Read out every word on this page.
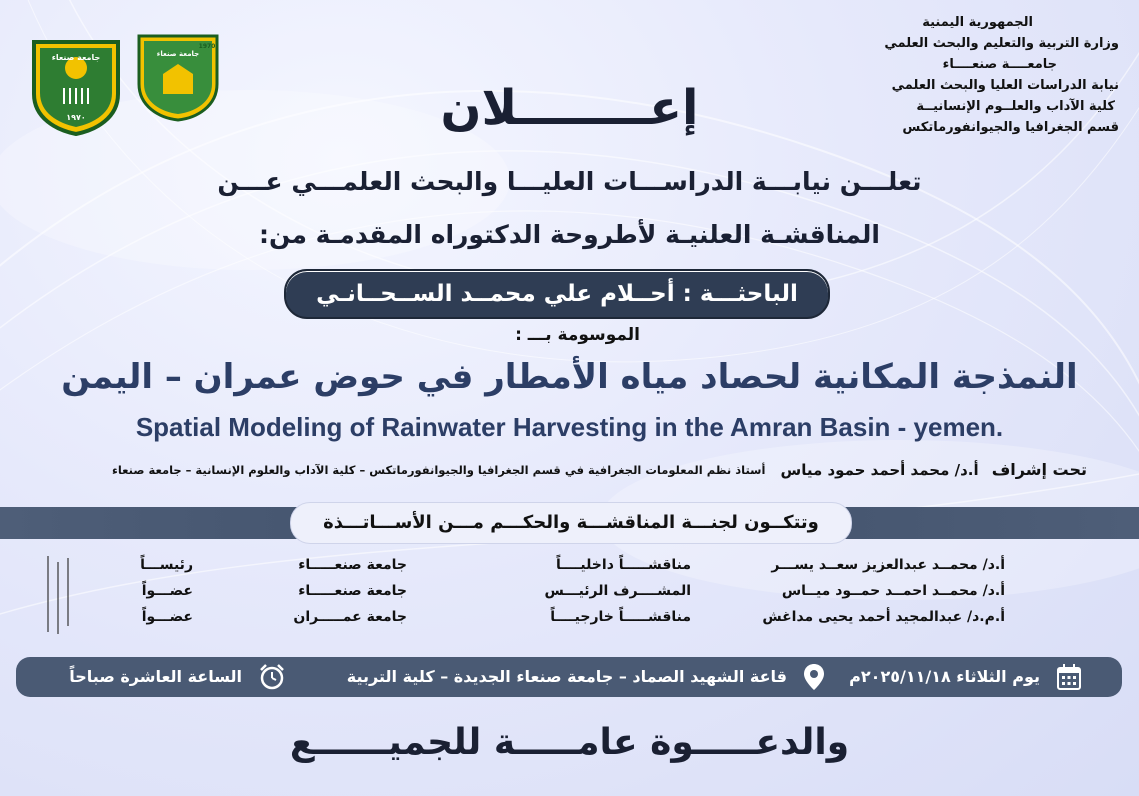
الجمهورية اليمنية
وزارة التربية والتعليم والبحث العلمي
جامعــــة صنعــــاء
نيابة الدراسات العليا والبحث العلمي
كلية الآداب والعلــوم الإنسانيــة
قسم الجغرافيا والجيوانفورماتكس
جامعة صنعاء
١٩٧٠
جامعة صنعاء
1970
إعــــــــلان
تعلـــن نيابـــة الدراســـات العليـــا والبحث العلمـــي عـــن
المناقشـة العلنيـة لأطروحة الدكتوراه المقدمـة من:
الباحثـــة : أحــلام علي محمــد الســحــانـي
الموسومة بـــ :
النمذجة المكانية لحصاد مياه الأمطار في حوض عمران – اليمن
Spatial Modeling of Rainwater Harvesting in the Amran Basin - yemen.
تحت إشراف أ.د/ محمد أحمد حمود مياس أستاذ نظم المعلومات الجغرافية في قسم الجغرافيا والجيوانفورماتكس – كلية الآداب والعلوم الإنسانية – جامعة صنعاء
وتتكــون لجنـــة المناقشـــة والحكـــم مـــن الأســـاتـــذة
أ.د/ محمــد عبدالعزيز سعــد يســـر
مناقشـــــاً داخليــــاً
جامعة صنعـــــاء
رئيســـاً
أ.د/ محمــد احمــد حمــود ميــاس
المشــــرف الرئيـــس
جامعة صنعـــــاء
عضـــواً
أ.م.د/ عبدالمجيد أحمد يحيى مداغش
مناقشـــــاً خارجيــــاً
جامعة عمـــــران
عضـــواً
يوم الثلاثاء ٢٠٢٥/١١/١٨م
قاعة الشهيد الصماد – جامعة صنعاء الجديدة – كلية التربية
الساعة العاشرة صباحاً
والدعـــــوة عامـــــة للجميــــــع
